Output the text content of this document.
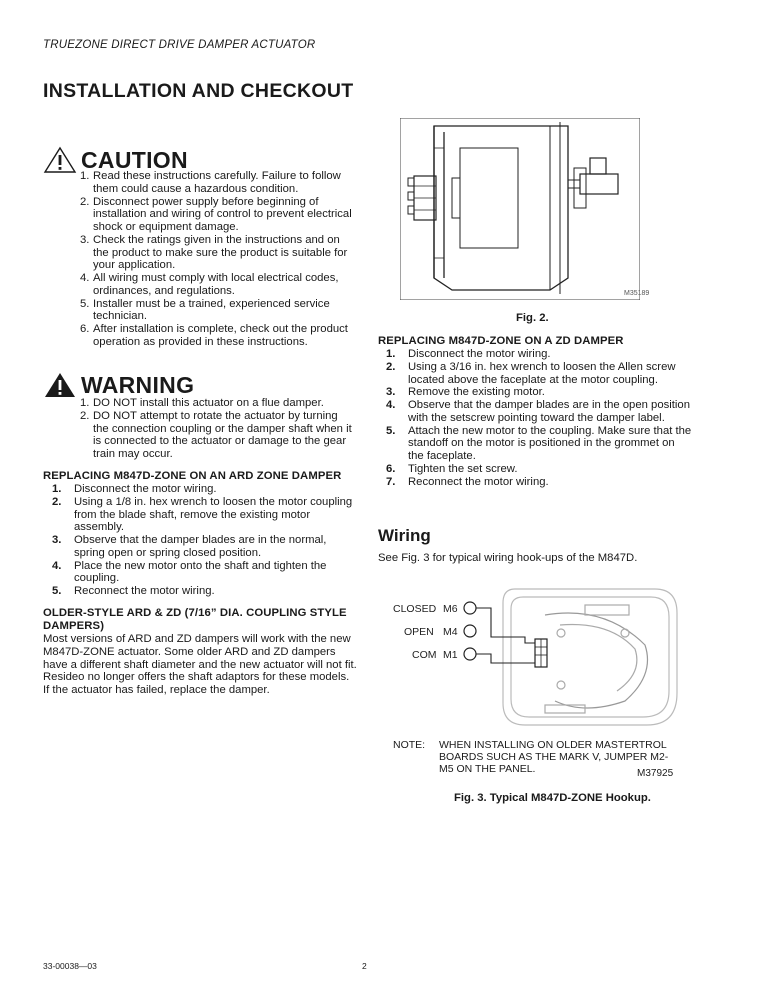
TRUEZONE DIRECT DRIVE DAMPER ACTUATOR
INSTALLATION AND CHECKOUT
CAUTION
1. Read these instructions carefully. Failure to follow them could cause a hazardous condition.
2. Disconnect power supply before beginning of installation and wiring of control to prevent electrical shock or equipment damage.
3. Check the ratings given in the instructions and on the product to make sure the product is suitable for your application.
4. All wiring must comply with local electrical codes, ordinances, and regulations.
5. Installer must be a trained, experienced service technician.
6. After installation is complete, check out the product operation as provided in these instructions.
WARNING
1. DO NOT install this actuator on a flue damper.
2. DO NOT attempt to rotate the actuator by turning the connection coupling or the damper shaft when it is connected to the actuator or damage to the gear train may occur.
REPLACING M847D-ZONE ON AN ARD ZONE DAMPER
1.	Disconnect the motor wiring.
2.	Using a 1/8 in. hex wrench to loosen the motor coupling from the blade shaft, remove the existing motor assembly.
3.	Observe that the damper blades are in the normal, spring open or spring closed position.
4.	Place the new motor onto the shaft and tighten the coupling.
5.	Reconnect the motor wiring.
OLDER-STYLE ARD & ZD (7/16” DIA. COUPLING STYLE DAMPERS)
Most versions of ARD and ZD dampers will work with the new M847D-ZONE actuator. Some older ARD and ZD dampers have a different shaft diameter and the new actuator will not fit. Resideo no longer offers the shaft adaptors for these models. If the actuator has failed, replace the damper.
M35189
Fig. 2.
REPLACING M847D-ZONE ON A ZD DAMPER
1.	Disconnect the motor wiring.
2.	Using a 3/16 in. hex wrench to loosen the Allen screw located above the faceplate at the motor coupling.
3.	Remove the existing motor.
4.	Observe that the damper blades are in the open position with the setscrew pointing toward the damper label.
5.	Attach the new motor to the coupling. Make sure that the standoff on the motor is positioned in the grommet on the faceplate.
6.	Tighten the set screw.
7.	Reconnect the motor wiring.
Wiring
See Fig. 3 for typical wiring hook-ups of the M847D.
CLOSED M6
OPEN M4
COM M1
NOTE: WHEN INSTALLING ON OLDER MASTERTROL BOARDS SUCH AS THE MARK V, JUMPER M2-M5 ON THE PANEL.	M37925
Fig. 3. Typical M847D-ZONE Hookup.
33-00038—03	2
